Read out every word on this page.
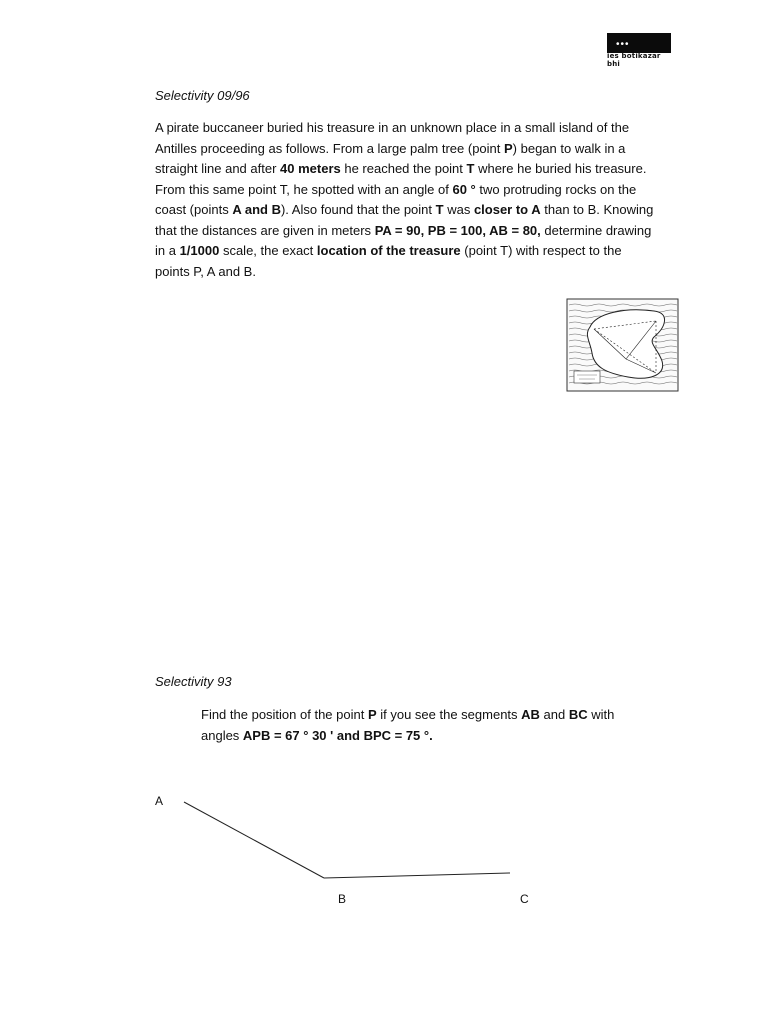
•••
ies botikazar bhi
Selectivity 09/96

A pirate buccaneer buried his treasure in an unknown place in a small island of the Antilles proceeding as follows. From a large palm tree (point P) began to walk in a straight line and after 40 meters he reached the point T where he buried his treasure. From this same point T, he spotted with an angle of 60 ° two protruding rocks on the coast (points A and B). Also found that the point T was closer to A than to B. Knowing that the distances are given in meters PA = 90, PB = 100, AB = 80, determine drawing in a 1/1000 scale, the exact location of the treasure (point T) with respect to the points P, A and B.

Selectivity 93

Find the position of the point P if you see the segments AB and BC with angles APB = 67 ° 30 ' and BPC = 75 °.

A
B	C
